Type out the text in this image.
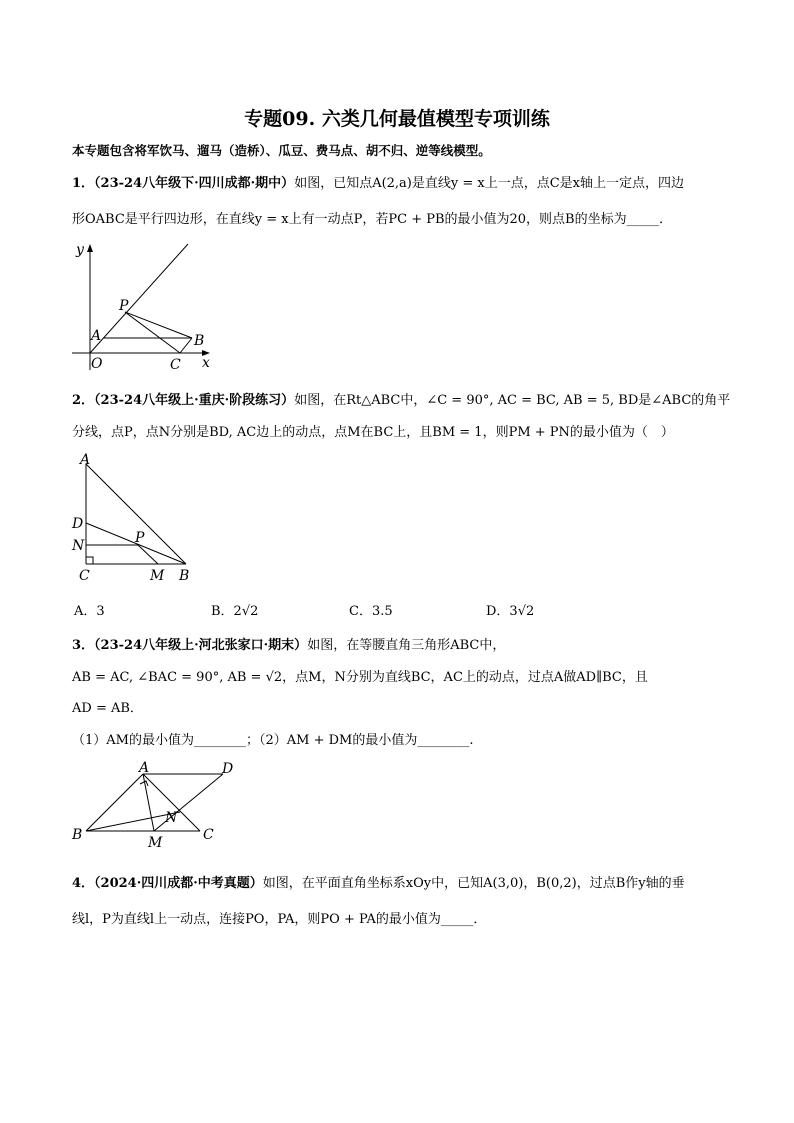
专题09. 六类几何最值模型专项训练
本专题包含将军饮马、遛马（造桥）、瓜豆、费马点、胡不归、逆等线模型。
1．（23-24八年级下·四川成都·期中）如图，已知点A(2,a)是直线y = x上一点，点C是x轴上一定点，四边
形OABC是平行四边形，在直线y = x上有一动点P，若PC + PB的最小值为20，则点B的坐标为_____．
y
x
P
A	B
O	C
2．（23-24八年级上·重庆·阶段练习）如图，在Rt△ABC中，∠C = 90°, AC = BC, AB = 5, BD是∠ABC的角平
分线，点P，点N分别是BD, AC边上的动点，点M在BC上，且BM = 1，则PM + PN的最小值为（　）
A
D
N	P
C	M B
A．3	B．2√2	C．3.5	D．3√2
3．（23-24八年级上·河北张家口·期末）如图，在等腰直角三角形ABC中，
AB = AC, ∠BAC = 90°, AB = √2，点M，N分别为直线BC，AC上的动点，过点A做AD∥BC，且
AD = AB．
（1）AM的最小值为________；（2）AM + DM的最小值为________.
A	D
B	M
N
C
4．（2024·四川成都·中考真题）如图，在平面直角坐标系xOy中，已知A(3,0)，B(0,2)，过点B作y轴的垂
线l，P为直线l上一动点，连接PO，PA，则PO + PA的最小值为_____．
